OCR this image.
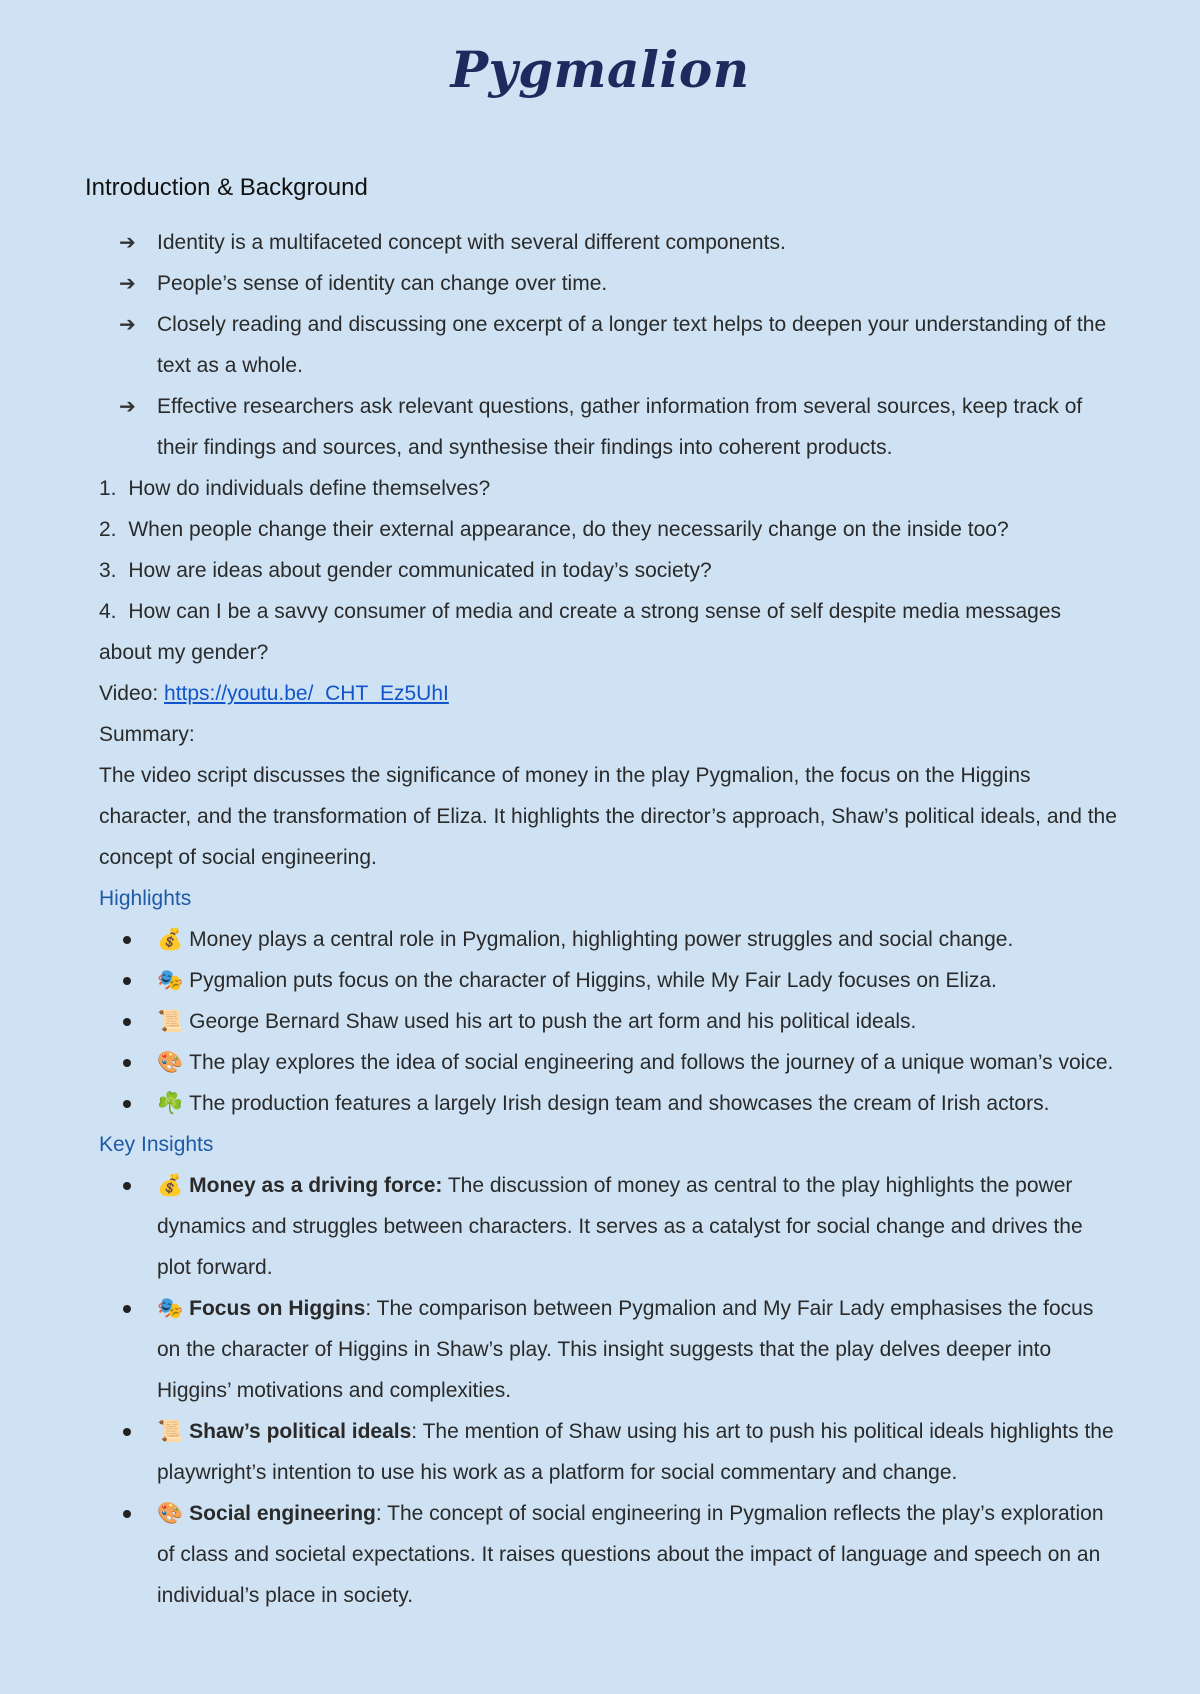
Pygmalion
Introduction & Background
➔ Identity is a multifaceted concept with several different components.
➔ People’s sense of identity can change over time.
➔ Closely reading and discussing one excerpt of a longer text helps to deepen your understanding of the text as a whole.
➔ Effective researchers ask relevant questions, gather information from several sources, keep track of their findings and sources, and synthesise their findings into coherent products.
1. How do individuals define themselves?
2. When people change their external appearance, do they necessarily change on the inside too?
3. How are ideas about gender communicated in today’s society?
4. How can I be a savvy consumer of media and create a strong sense of self despite media messages about my gender?

Video: https://youtu.be/_CHT_Ez5UhI

Summary:

The video script discusses the significance of money in the play Pygmalion, the focus on the Higgins character, and the transformation of Eliza. It highlights the director’s approach, Shaw’s political ideals, and the concept of social engineering.

Highlights

💰 Money plays a central role in Pygmalion, highlighting power struggles and social change.
🎭 Pygmalion puts focus on the character of Higgins, while My Fair Lady focuses on Eliza.
📜 George Bernard Shaw used his art to push the art form and his political ideals.
🎨 The play explores the idea of social engineering and follows the journey of a unique woman’s voice.
☘️ The production features a largely Irish design team and showcases the cream of Irish actors.

Key Insights

💰 Money as a driving force: The discussion of money as central to the play highlights the power dynamics and struggles between characters. It serves as a catalyst for social change and drives the plot forward.
🎭 Focus on Higgins: The comparison between Pygmalion and My Fair Lady emphasises the focus on the character of Higgins in Shaw’s play. This insight suggests that the play delves deeper into Higgins’ motivations and complexities.
📜 Shaw’s political ideals: The mention of Shaw using his art to push his political ideals highlights the playwright’s intention to use his work as a platform for social commentary and change.
🎨 Social engineering: The concept of social engineering in Pygmalion reflects the play’s exploration of class and societal expectations. It raises questions about the impact of language and speech on an individual’s place in society.
